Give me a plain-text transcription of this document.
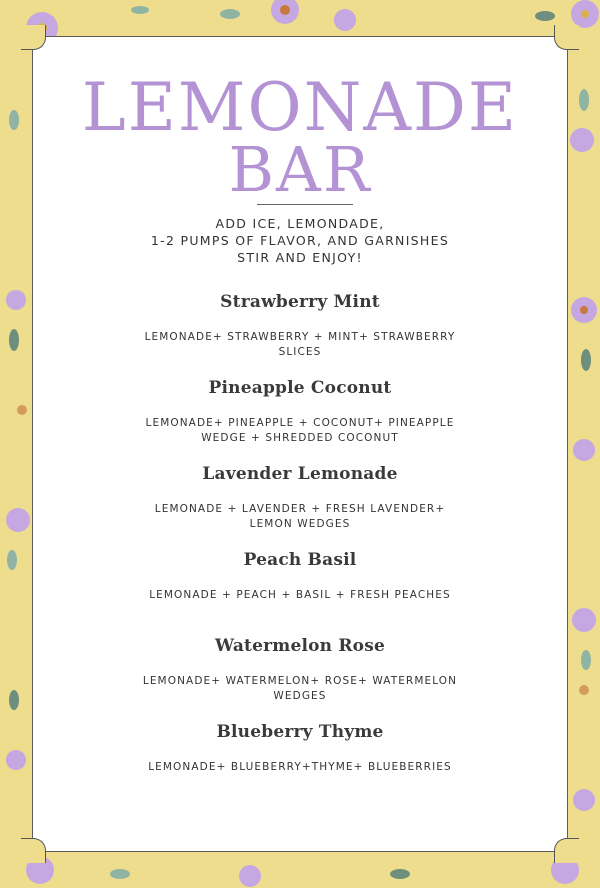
LEMONADE
BAR
ADD ICE, LEMONDADE,
1-2 PUMPS OF FLAVOR, AND GARNISHES
STIR AND ENJOY!
Strawberry Mint
LEMONADE+ STRAWBERRY + MINT+ STRAWBERRY SLICES
Pineapple Coconut
LEMONADE+ PINEAPPLE + COCONUT+ PINEAPPLE WEDGE + SHREDDED COCONUT
Lavender Lemonade
LEMONADE + LAVENDER + FRESH LAVENDER+ LEMON WEDGES
Peach Basil
LEMONADE + PEACH + BASIL + FRESH PEACHES
Watermelon Rose
LEMONADE+ WATERMELON+ ROSE+ WATERMELON WEDGES
Blueberry Thyme
LEMONADE+ BLUEBERRY+THYME+ BLUEBERRIES
